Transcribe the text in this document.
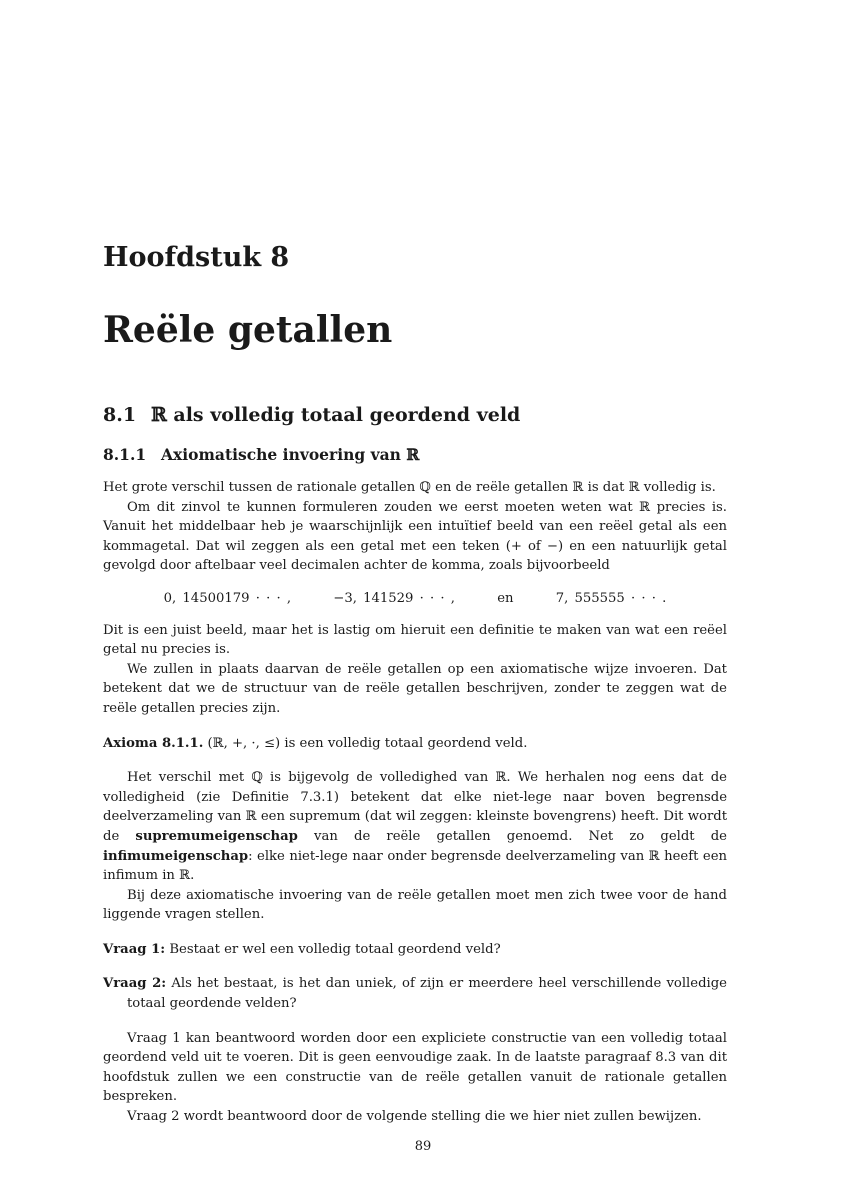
Hoofdstuk 8
Reële getallen
8.1 ℝ als volledig totaal geordend veld
8.1.1 Axiomatische invoering van ℝ

Het grote verschil tussen de rationale getallen ℚ en de reële getallen ℝ is dat ℝ volledig is.

Om dit zinvol te kunnen formuleren zouden we eerst moeten weten wat ℝ precies is. Vanuit het middelbaar heb je waarschijnlijk een intuïtief beeld van een reëel getal als een kommagetal. Dat wil zeggen als een getal met een teken (+ of −) en een natuurlijk getal gevolgd door aftelbaar veel decimalen achter de komma, zoals bijvoorbeeld

0, 14500179 · · · ,	−3, 141529 · · · ,	en	7, 555555 · · · .

Dit is een juist beeld, maar het is lastig om hieruit een definitie te maken van wat een reëel getal nu precies is.

We zullen in plaats daarvan de reële getallen op een axiomatische wijze invoeren. Dat betekent dat we de structuur van de reële getallen beschrijven, zonder te zeggen wat de reële getallen precies zijn.

Axioma 8.1.1. (ℝ, +, ·, ≤) is een volledig totaal geordend veld.

Het verschil met ℚ is bijgevolg de volledighed van ℝ. We herhalen nog eens dat de volledigheid (zie Definitie 7.3.1) betekent dat elke niet-lege naar boven begrensde deelverzameling van ℝ een supremum (dat wil zeggen: kleinste bovengrens) heeft. Dit wordt de supremumeigenschap van de reële getallen genoemd. Net zo geldt de infimumeigenschap: elke niet-lege naar onder begrensde deelverzameling van ℝ heeft een infimum in ℝ.

Bij deze axiomatische invoering van de reële getallen moet men zich twee voor de hand liggende vragen stellen.

Vraag 1: Bestaat er wel een volledig totaal geordend veld?

Vraag 2: Als het bestaat, is het dan uniek, of zijn er meerdere heel verschillende volledige totaal geordende velden?

Vraag 1 kan beantwoord worden door een expliciete constructie van een volledig totaal geordend veld uit te voeren. Dit is geen eenvoudige zaak. In de laatste paragraaf 8.3 van dit hoofdstuk zullen we een constructie van de reële getallen vanuit de rationale getallen bespreken.

Vraag 2 wordt beantwoord door de volgende stelling die we hier niet zullen bewijzen.

89
